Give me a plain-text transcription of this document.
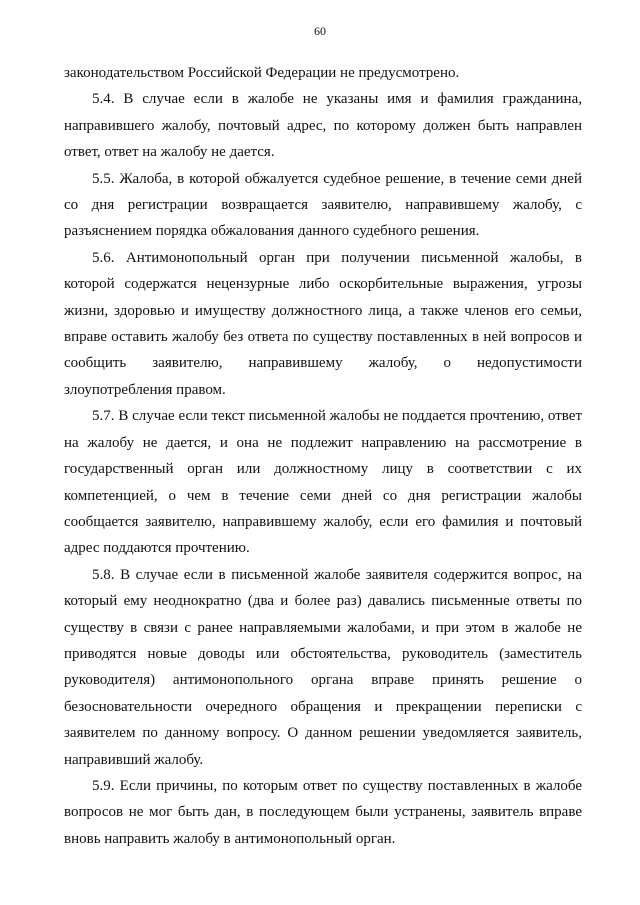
60

законодательством Российской Федерации не предусмотрено.

5.4. В случае если в жалобе не указаны имя и фамилия гражданина, направившего жалобу, почтовый адрес, по которому должен быть направлен ответ, ответ на жалобу не дается.

5.5. Жалоба, в которой обжалуется судебное решение, в течение семи дней со дня регистрации возвращается заявителю, направившему жалобу, с разъяснением порядка обжалования данного судебного решения.

5.6. Антимонопольный орган при получении письменной жалобы, в которой содержатся нецензурные либо оскорбительные выражения, угрозы жизни, здоровью и имуществу должностного лица, а также членов его семьи, вправе оставить жалобу без ответа по существу поставленных в ней вопросов и сообщить заявителю, направившему жалобу, о недопустимости злоупотребления правом.

5.7. В случае если текст письменной жалобы не поддается прочтению, ответ на жалобу не дается, и она не подлежит направлению на рассмотрение в государственный орган или должностному лицу в соответствии с их компетенцией, о чем в течение семи дней со дня регистрации жалобы сообщается заявителю, направившему жалобу, если его фамилия и почтовый адрес поддаются прочтению.

5.8. В случае если в письменной жалобе заявителя содержится вопрос, на который ему неоднократно (два и более раз) давались письменные ответы по существу в связи с ранее направляемыми жалобами, и при этом в жалобе не приводятся новые доводы или обстоятельства, руководитель (заместитель руководителя) антимонопольного органа вправе принять решение о безосновательности очередного обращения и прекращении переписки с заявителем по данному вопросу. О данном решении уведомляется заявитель, направивший жалобу.

5.9. Если причины, по которым ответ по существу поставленных в жалобе вопросов не мог быть дан, в последующем были устранены, заявитель вправе вновь направить жалобу в антимонопольный орган.
